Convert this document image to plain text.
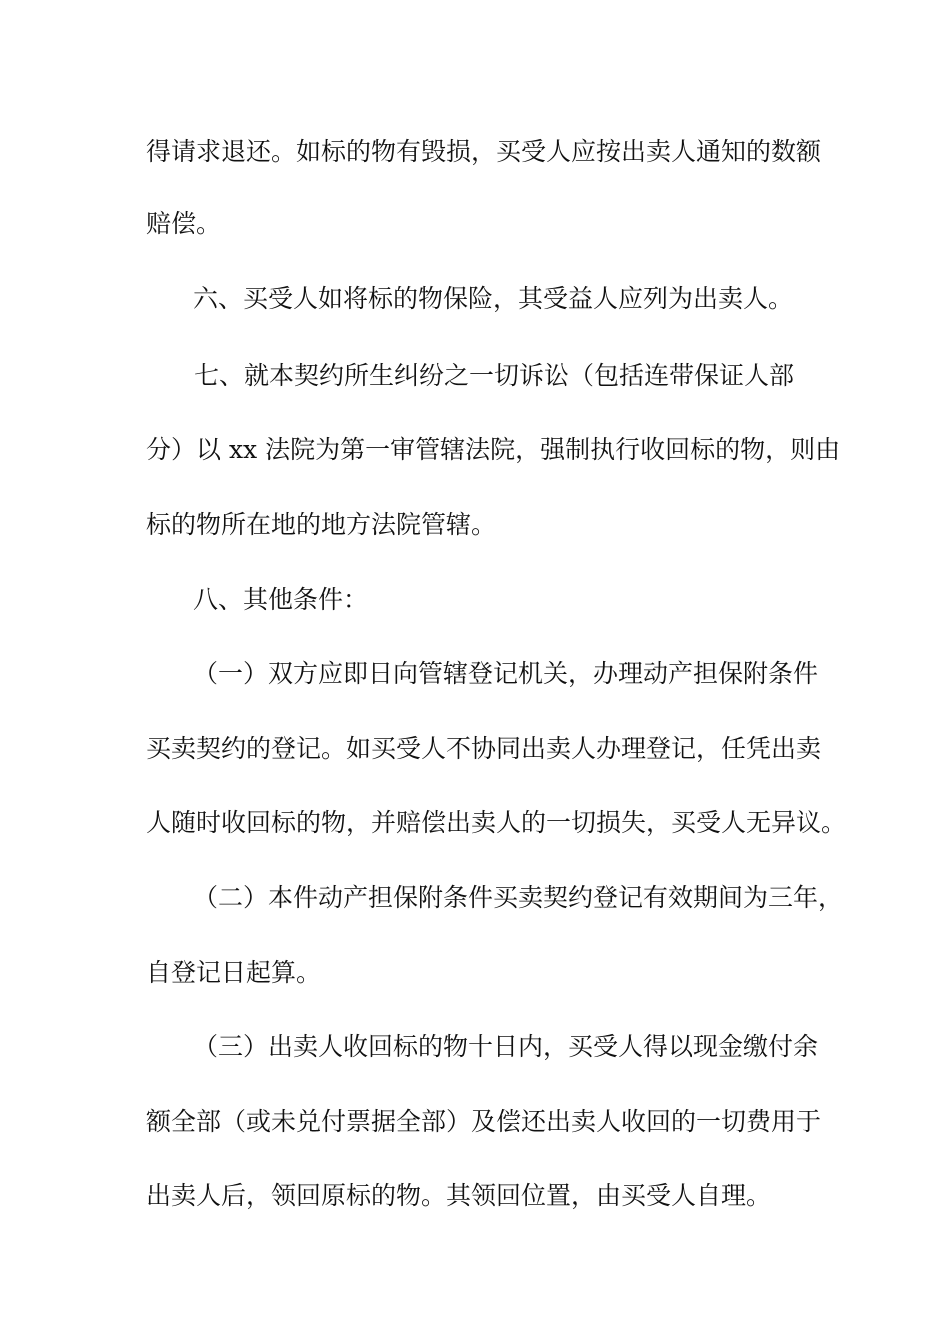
得请求退还。如标的物有毁损，买受人应按出卖人通知的数额
赔偿。
六、买受人如将标的物保险，其受益人应列为出卖人。
七、就本契约所生纠纷之一切诉讼（包括连带保证人部
分）以 xx 法院为第一审管辖法院，强制执行收回标的物，则由
标的物所在地的地方法院管辖。
八、其他条件：
（一）双方应即日向管辖登记机关，办理动产担保附条件
买卖契约的登记。如买受人不协同出卖人办理登记，任凭出卖
人随时收回标的物，并赔偿出卖人的一切损失，买受人无异议。
（二）本件动产担保附条件买卖契约登记有效期间为三年，
自登记日起算。
（三）出卖人收回标的物十日内，买受人得以现金缴付余
额全部（或未兑付票据全部）及偿还出卖人收回的一切费用于
出卖人后，领回原标的物。其领回位置，由买受人自理。
